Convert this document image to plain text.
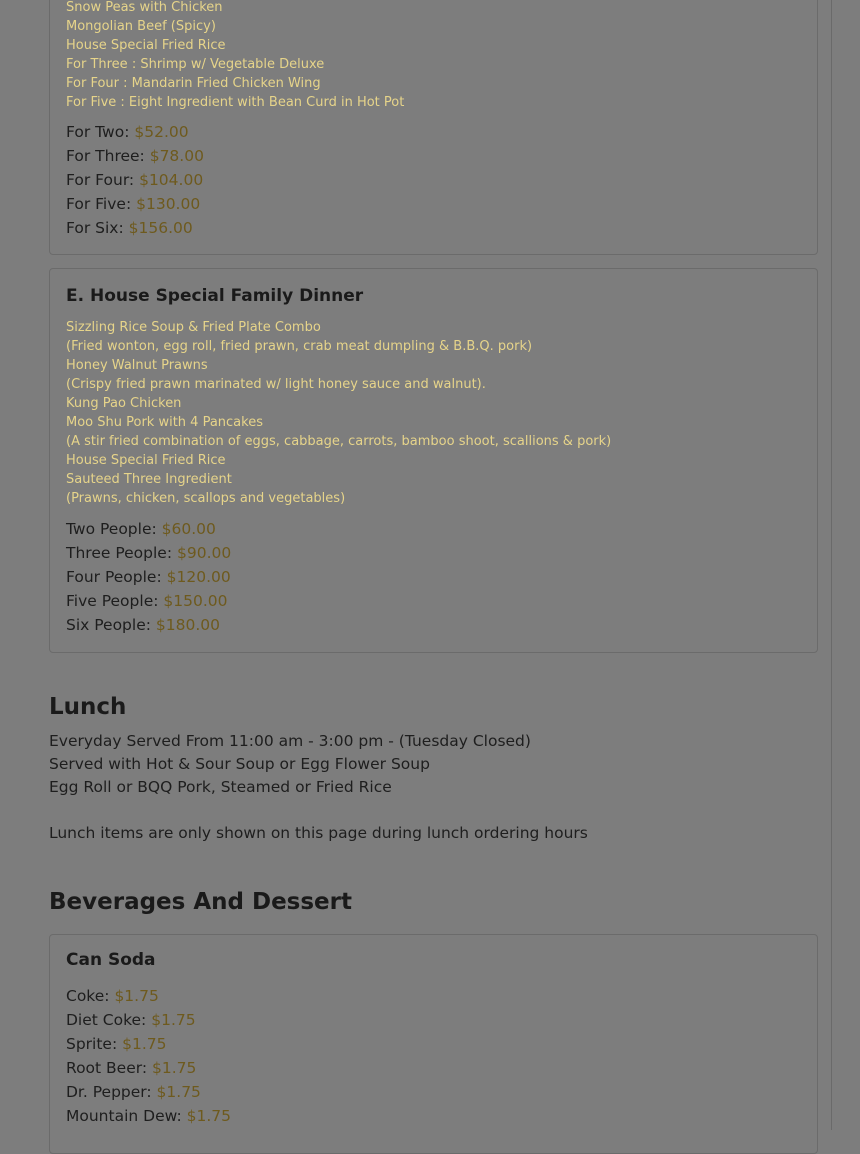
Snow Peas with Chicken
Mongolian Beef (Spicy)
House Special Fried Rice
For Three : Shrimp w/ Vegetable Deluxe
For Four : Mandarin Fried Chicken Wing
For Five : Eight Ingredient with Bean Curd in Hot Pot
For Two: $52.00
For Three: $78.00
For Four: $104.00
For Five: $130.00
For Six: $156.00
E. House Special Family Dinner
Sizzling Rice Soup & Fried Plate Combo
(Fried wonton, egg roll, fried prawn, crab meat dumpling & B.B.Q. pork)
Honey Walnut Prawns
(Crispy fried prawn marinated w/ light honey sauce and walnut).
Kung Pao Chicken
Moo Shu Pork with 4 Pancakes
(A stir fried combination of eggs, cabbage, carrots, bamboo shoot, scallions & pork)
House Special Fried Rice
Sauteed Three Ingredient
(Prawns, chicken, scallops and vegetables)
Two People: $60.00
Three People: $90.00
Four People: $120.00
Five People: $150.00
Six People: $180.00
Lunch
Everyday Served From 11:00 am - 3:00 pm - (Tuesday Closed)
Served with Hot & Sour Soup or Egg Flower Soup
Egg Roll or BQQ Pork, Steamed or Fried Rice
Lunch items are only shown on this page during lunch ordering hours
Beverages And Dessert
Can Soda
Coke: $1.75
Diet Coke: $1.75
Sprite: $1.75
Root Beer: $1.75
Dr. Pepper: $1.75
Mountain Dew: $1.75
